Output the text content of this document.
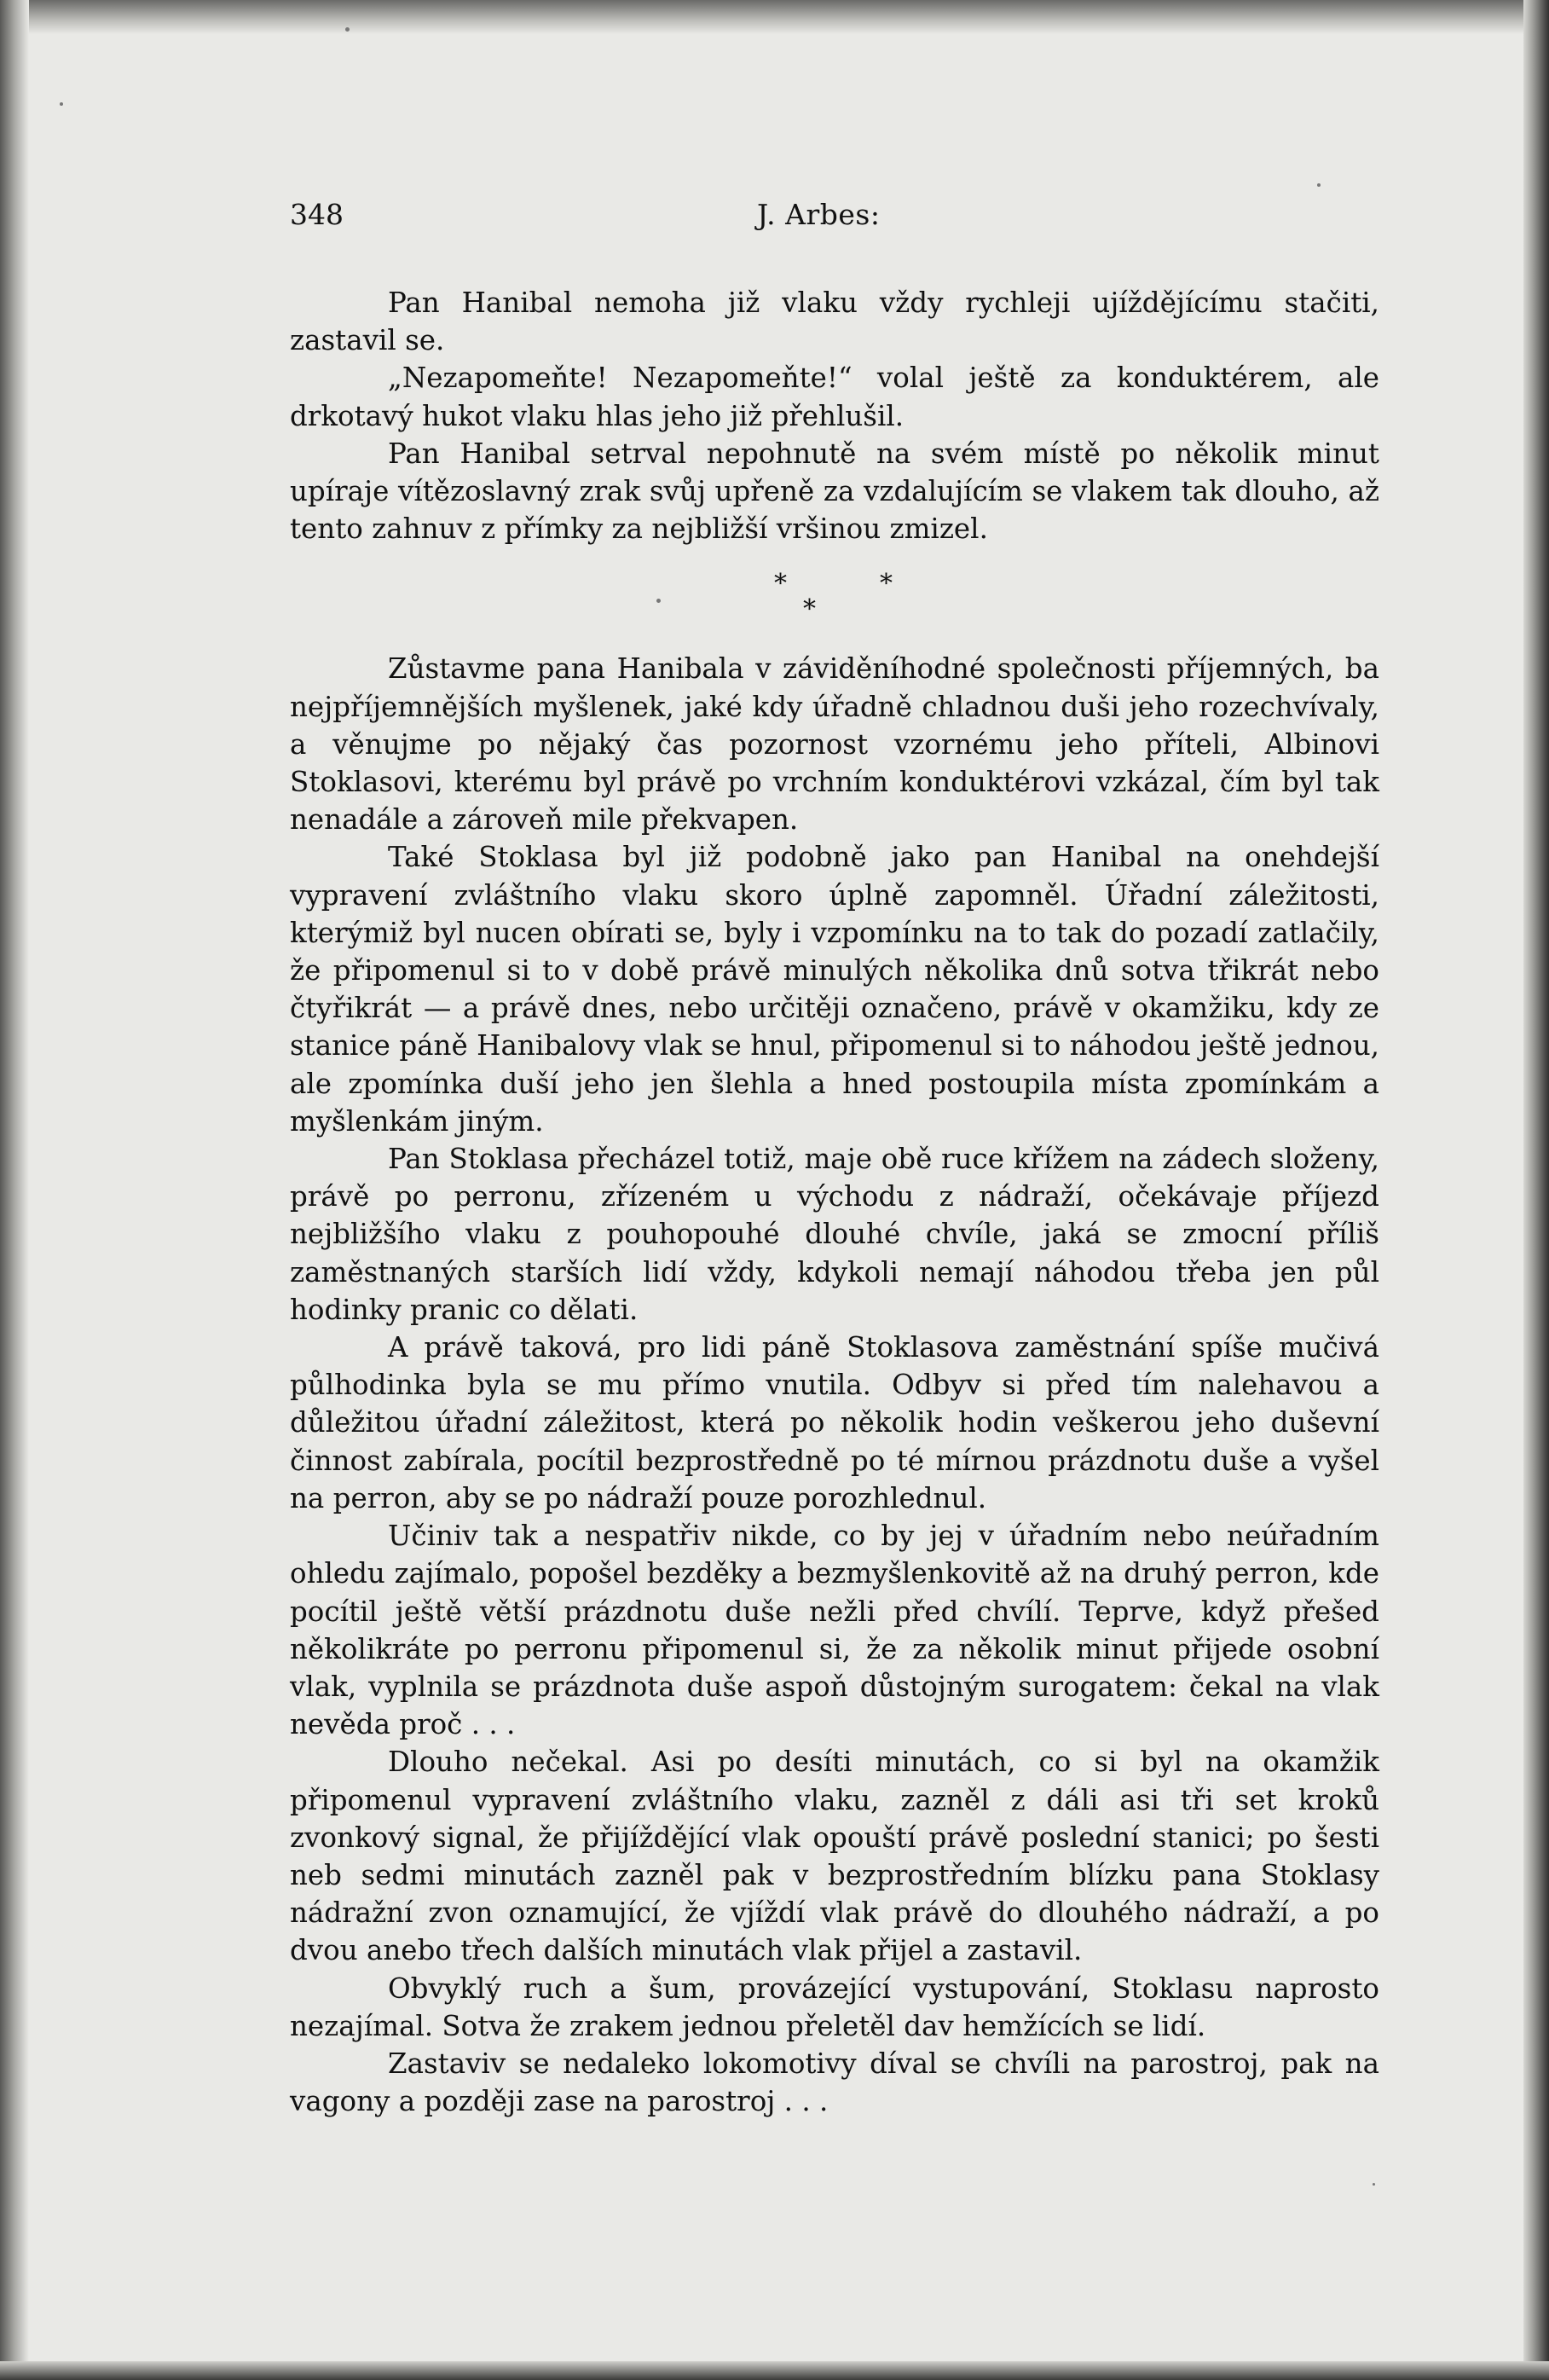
348	J. Arbes:

Pan Hanibal nemoha již vlaku vždy rychleji ujíždějícímu stačiti, zastavil se.

„Nezapomeňte! Nezapomeňte!“ volal ještě za konduktérem, ale drkotavý hukot vlaku hlas jeho již přehlušil.

Pan Hanibal setrval nepohnutě na svém místě po několik minut upíraje vítězoslavný zrak svůj upřeně za vzdalujícím se vlakem tak dlouho, až tento zahnuv z přímky za nejbližší vršinou zmizel.

*
*
*

Zůstavme pana Hanibala v záviděníhodné společnosti příjemných, ba nejpříjemnějších myšlenek, jaké kdy úřadně chladnou duši jeho rozechvívaly, a věnujme po nějaký čas pozornost vzornému jeho příteli, Albinovi Stoklasovi, kterému byl právě po vrchním konduktérovi vzkázal, čím byl tak nenadále a zároveň mile překvapen.

Také Stoklasa byl již podobně jako pan Hanibal na onehdejší vypravení zvláštního vlaku skoro úplně zapomněl. Úřadní záležitosti, kterýmiž byl nucen obírati se, byly i vzpomínku na to tak do pozadí zatlačily, že připomenul si to v době právě minulých několika dnů sotva třikrát nebo čtyřikrát — a právě dnes, nebo určitěji označeno, právě v okamžiku, kdy ze stanice páně Hanibalovy vlak se hnul, připomenul si to náhodou ještě jednou, ale zpomínka duší jeho jen šlehla a hned postoupila místa zpomínkám a myšlenkám jiným.

Pan Stoklasa přecházel totiž, maje obě ruce křížem na zádech složeny, právě po perronu, zřízeném u východu z nádraží, očekávaje příjezd nejbližšího vlaku z pouhopouhé dlouhé chvíle, jaká se zmocní příliš zaměstnaných starších lidí vždy, kdykoli nemají náhodou třeba jen půl hodinky pranic co dělati.

A právě taková, pro lidi páně Stoklasova zaměstnání spíše mučivá půlhodinka byla se mu přímo vnutila. Odbyv si před tím nalehavou a důležitou úřadní záležitost, která po několik hodin veškerou jeho duševní činnost zabírala, pocítil bezprostředně po té mírnou prázdnotu duše a vyšel na perron, aby se po nádraží pouze porozhlednul.

Učiniv tak a nespatřiv nikde, co by jej v úřadním nebo neúřadním ohledu zajímalo, popošel bezděky a bezmyšlenkovitě až na druhý perron, kde pocítil ještě větší prázdnotu duše nežli před chvílí. Teprve, když přešed několikráte po perronu připomenul si, že za několik minut přijede osobní vlak, vyplnila se prázdnota duše aspoň důstojným surogatem: čekal na vlak nevěda proč . . .

Dlouho nečekal. Asi po desíti minutách, co si byl na okamžik připomenul vypravení zvláštního vlaku, zazněl z dáli asi tři set kroků zvonkový signal, že přijíždějící vlak opouští právě poslední stanici; po šesti neb sedmi minutách zazněl pak v bezprostředním blízku pana Stoklasy nádražní zvon oznamující, že vjíždí vlak právě do dlouhého nádraží, a po dvou anebo třech dalších minutách vlak přijel a zastavil.

Obvyklý ruch a šum, provázející vystupování, Stoklasu naprosto nezajímal. Sotva že zrakem jednou přeletěl dav hemžících se lidí.

Zastaviv se nedaleko lokomotivy díval se chvíli na parostroj, pak na vagony a později zase na parostroj . . .
